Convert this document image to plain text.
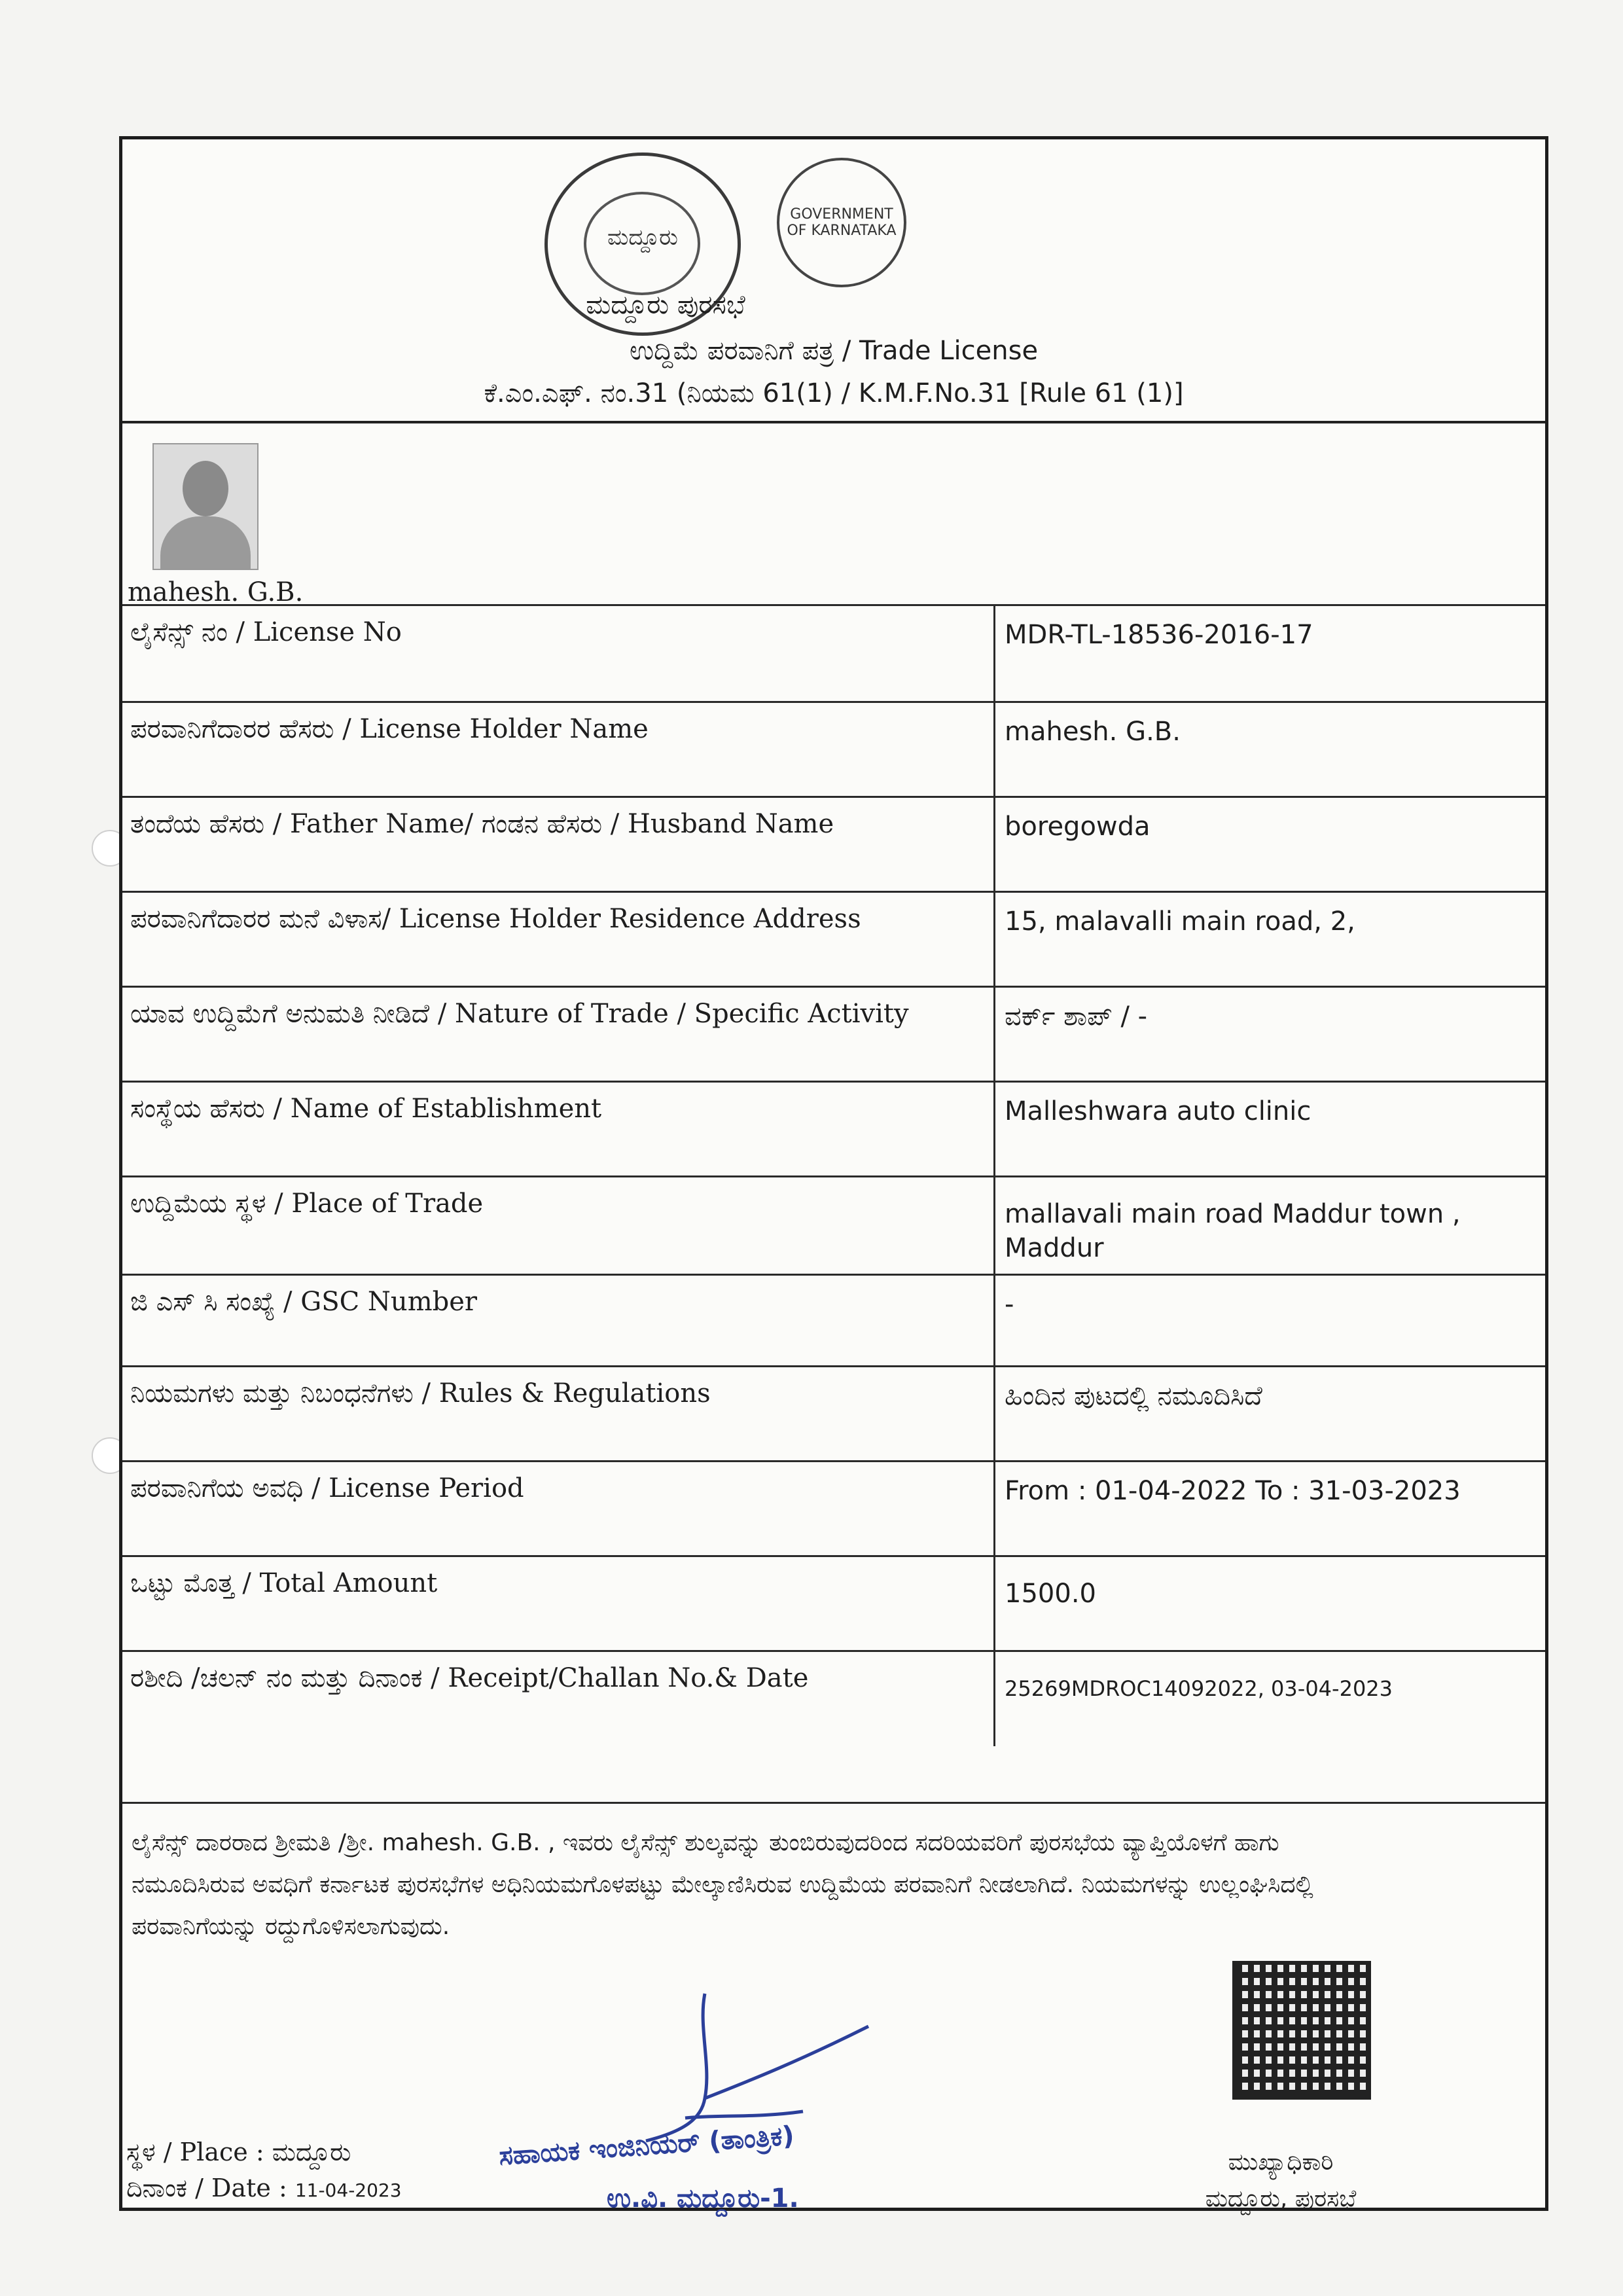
ಮದ್ದೂರು
GOVERNMENT OF KARNATAKA
ಮದ್ದೂರು ಪುರಸಭೆ
ಉದ್ದಿಮೆ ಪರವಾನಿಗೆ ಪತ್ರ / Trade License
ಕೆ.ಎಂ.ಎಫ್. ನಂ.31 (ನಿಯಮ 61(1) / K.M.F.No.31 [Rule 61 (1)]
mahesh. G.B.
ಲೈಸೆನ್ಸ್ ನಂ / License No	MDR-TL-18536-2016-17
ಪರವಾನಿಗೆದಾರರ ಹೆಸರು / License Holder Name	mahesh. G.B.
ತಂದೆಯ ಹೆಸರು / Father Name/ ಗಂಡನ ಹೆಸರು / Husband Name	boregowda
ಪರವಾನಿಗೆದಾರರ ಮನೆ ವಿಳಾಸ/ License Holder Residence Address	15, malavalli main road, 2,
ಯಾವ ಉದ್ದಿಮೆಗೆ ಅನುಮತಿ ನೀಡಿದೆ / Nature of Trade / Specific Activity	ವರ್ಕ್ ಶಾಪ್ / -
ಸಂಸ್ಥೆಯ ಹೆಸರು / Name of Establishment	Malleshwara auto clinic
ಉದ್ದಿಮೆಯ ಸ್ಥಳ / Place of Trade	mallavali main road Maddur town , Maddur
ಜಿ ಎಸ್ ಸಿ ಸಂಖ್ಯೆ / GSC Number	-
ನಿಯಮಗಳು ಮತ್ತು ನಿಬಂಧನೆಗಳು / Rules & Regulations	ಹಿಂದಿನ ಪುಟದಲ್ಲಿ ನಮೂದಿಸಿದೆ
ಪರವಾನಿಗೆಯ ಅವಧಿ / License Period	From : 01-04-2022 To : 31-03-2023
ಒಟ್ಟು ಮೊತ್ತ / Total Amount	1500.0
ರಶೀದಿ /ಚಲನ್ ನಂ ಮತ್ತು ದಿನಾಂಕ / Receipt/Challan No.& Date	25269MDROC14092022, 03-04-2023
ಲೈಸೆನ್ಸ್ ದಾರರಾದ ಶ್ರೀಮತಿ /ಶ್ರೀ. mahesh. G.B. , ಇವರು ಲೈಸೆನ್ಸ್ ಶುಲ್ಕವನ್ನು ತುಂಬಿರುವುದರಿಂದ ಸದರಿಯವರಿಗೆ ಪುರಸಭೆಯ ವ್ಯಾಪ್ತಿಯೊಳಗೆ ಹಾಗು ನಮೂದಿಸಿರುವ ಅವಧಿಗೆ ಕರ್ನಾಟಕ ಪುರಸಭೆಗಳ ಅಧಿನಿಯಮಗೊಳಪಟ್ಟು ಮೇಲ್ಕಾಣಿಸಿರುವ ಉದ್ದಿಮೆಯ ಪರವಾನಿಗೆ ನೀಡಲಾಗಿದೆ. ನಿಯಮಗಳನ್ನು ಉಲ್ಲಂಘಿಸಿದಲ್ಲಿ ಪರವಾನಿಗೆಯನ್ನು ರದ್ದುಗೊಳಿಸಲಾಗುವುದು.
ಸ್ಥಳ / Place : ಮದ್ದೂರು
ದಿನಾಂಕ / Date : 11-04-2023
ಸಹಾಯಕ ಇಂಜಿನಿಯರ್ (ತಾಂತ್ರಿಕ)
ಉ.ವಿ. ಮದ್ದೂರು-1.
ಮುಖ್ಯಾಧಿಕಾರಿ
ಮದ್ದೂರು, ಪುರಸಭೆ
